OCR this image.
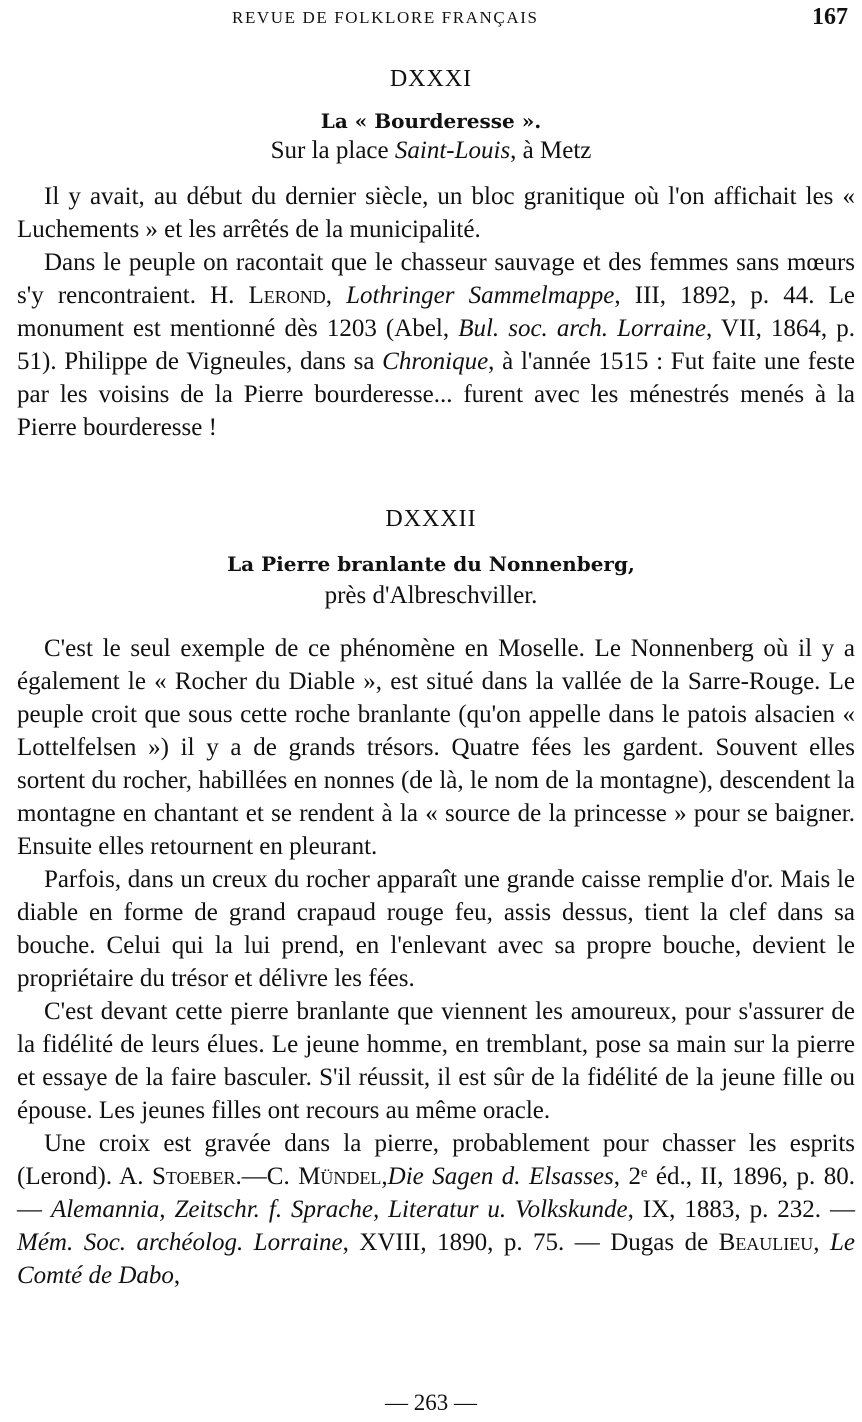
REVUE DE FOLKLORE FRANÇAIS	167
DXXXI
La « Bourderesse ».
Sur la place Saint-Louis, à Metz

Il y avait, au début du dernier siècle, un bloc granitique où l'on affichait les « Luchements » et les arrêtés de la municipalité.

Dans le peuple on racontait que le chasseur sauvage et des femmes sans mœurs s'y rencontraient. H. Lerond, Lothringer Sammelmappe, III, 1892, p. 44. Le monument est mentionné dès 1203 (Abel, Bul. soc. arch. Lorraine, VII, 1864, p. 51). Philippe de Vigneules, dans sa Chronique, à l'année 1515 : Fut faite une feste par les voisins de la Pierre bourderesse... furent avec les ménestrés menés à la Pierre bourderesse !

DXXXII
La Pierre branlante du Nonnenberg,
près d'Albreschviller.

C'est le seul exemple de ce phénomène en Moselle. Le Nonnenberg où il y a également le « Rocher du Diable », est situé dans la vallée de la Sarre-Rouge. Le peuple croit que sous cette roche branlante (qu'on appelle dans le patois alsacien « Lottelfelsen ») il y a de grands trésors. Quatre fées les gardent. Souvent elles sortent du rocher, habillées en nonnes (de là, le nom de la montagne), descendent la montagne en chantant et se rendent à la « source de la princesse » pour se baigner. Ensuite elles retournent en pleurant.

Parfois, dans un creux du rocher apparaît une grande caisse remplie d'or. Mais le diable en forme de grand crapaud rouge feu, assis dessus, tient la clef dans sa bouche. Celui qui la lui prend, en l'enlevant avec sa propre bouche, devient le propriétaire du trésor et délivre les fées.

C'est devant cette pierre branlante que viennent les amoureux, pour s'assurer de la fidélité de leurs élues. Le jeune homme, en tremblant, pose sa main sur la pierre et essaye de la faire basculer. S'il réussit, il est sûr de la fidélité de la jeune fille ou épouse. Les jeunes filles ont recours au même oracle.

Une croix est gravée dans la pierre, probablement pour chasser les esprits (Lerond). A. Stoeber.—C. Mündel,Die Sagen d. Elsasses, 2ᵉ éd., II, 1896, p. 80. — Alemannia, Zeitschr. f. Sprache, Literatur u. Volkskunde, IX, 1883, p. 232. — Mém. Soc. archéolog. Lorraine, XVIII, 1890, p. 75. — Dugas de Beaulieu, Le Comté de Dabo,

— 263 —
